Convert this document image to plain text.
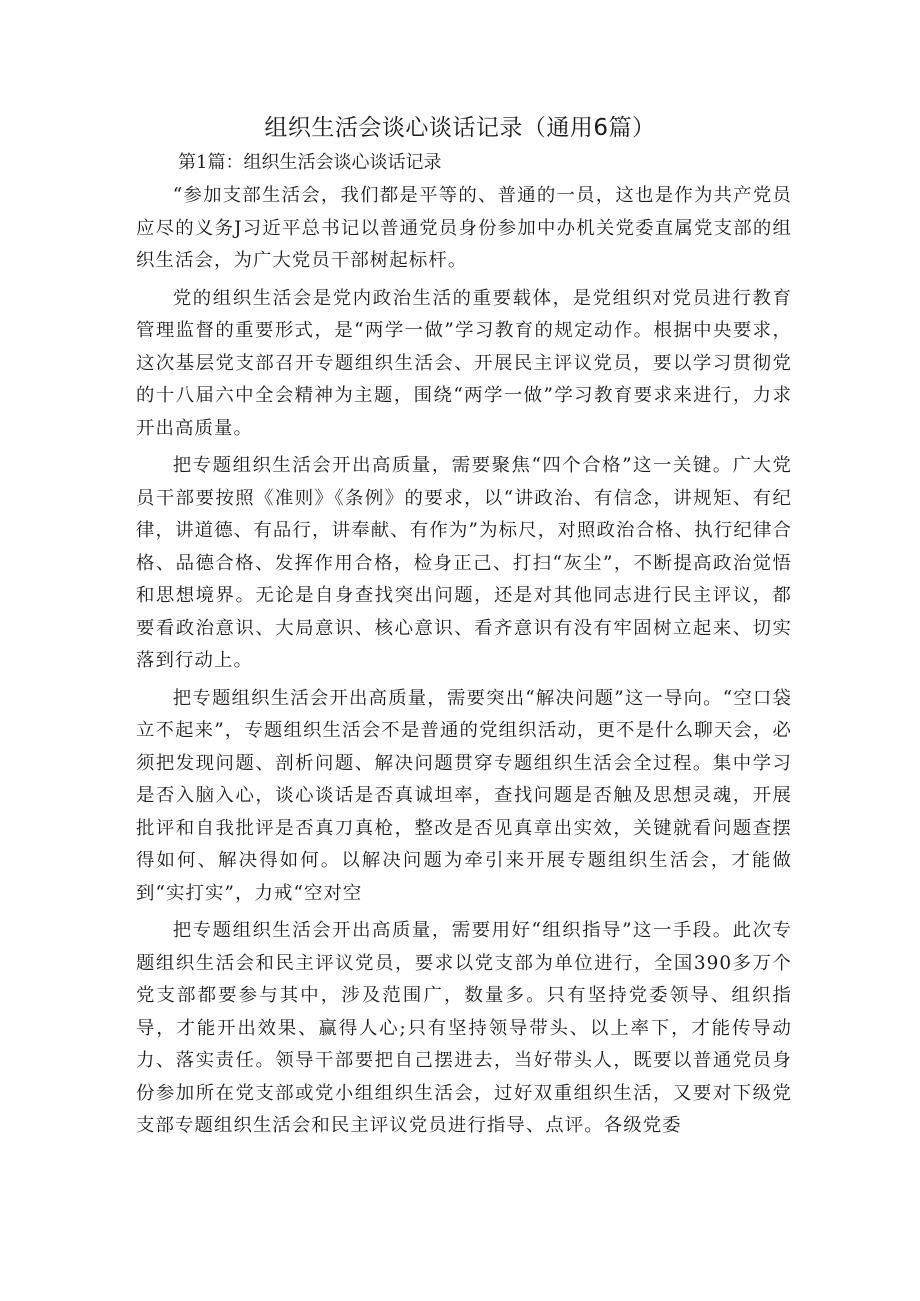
组织生活会谈心谈话记录（通用6篇）
第1篇：组织生活会谈心谈话记录

“参加支部生活会，我们都是平等的、普通的一员，这也是作为共产党员应尽的义务J习近平总书记以普通党员身份参加中办机关党委直属党支部的组织生活会，为广大党员干部树起标杆。

党的组织生活会是党内政治生活的重要载体，是党组织对党员进行教育管理监督的重要形式，是“两学一做”学习教育的规定动作。根据中央要求，这次基层党支部召开专题组织生活会、开展民主评议党员，要以学习贯彻党的十八届六中全会精神为主题，围绕“两学一做”学习教育要求来进行，力求开出高质量。

把专题组织生活会开出高质量，需要聚焦“四个合格”这一关键。广大党员干部要按照《准则》《条例》的要求，以“讲政治、有信念，讲规矩、有纪律，讲道德、有品行，讲奉献、有作为”为标尺，对照政治合格、执行纪律合格、品德合格、发挥作用合格，检身正己、打扫“灰尘”，不断提高政治觉悟和思想境界。无论是自身查找突出问题，还是对其他同志进行民主评议，都要看政治意识、大局意识、核心意识、看齐意识有没有牢固树立起来、切实落到行动上。

把专题组织生活会开出高质量，需要突出“解决问题”这一导向。“空口袋立不起来”，专题组织生活会不是普通的党组织活动，更不是什么聊天会，必须把发现问题、剖析问题、解决问题贯穿专题组织生活会全过程。集中学习是否入脑入心，谈心谈话是否真诚坦率，查找问题是否触及思想灵魂，开展批评和自我批评是否真刀真枪，整改是否见真章出实效，关键就看问题查摆得如何、解决得如何。以解决问题为牵引来开展专题组织生活会，才能做到“实打实”，力戒“空对空

把专题组织生活会开出高质量，需要用好“组织指导”这一手段。此次专题组织生活会和民主评议党员，要求以党支部为单位进行，全国390多万个党支部都要参与其中，涉及范围广，数量多。只有坚持党委领导、组织指导，才能开出效果、赢得人心;只有坚持领导带头、以上率下，才能传导动力、落实责任。领导干部要把自己摆进去，当好带头人，既要以普通党员身份参加所在党支部或党小组组织生活会，过好双重组织生活，又要对下级党支部专题组织生活会和民主评议党员进行指导、点评。各级党委
